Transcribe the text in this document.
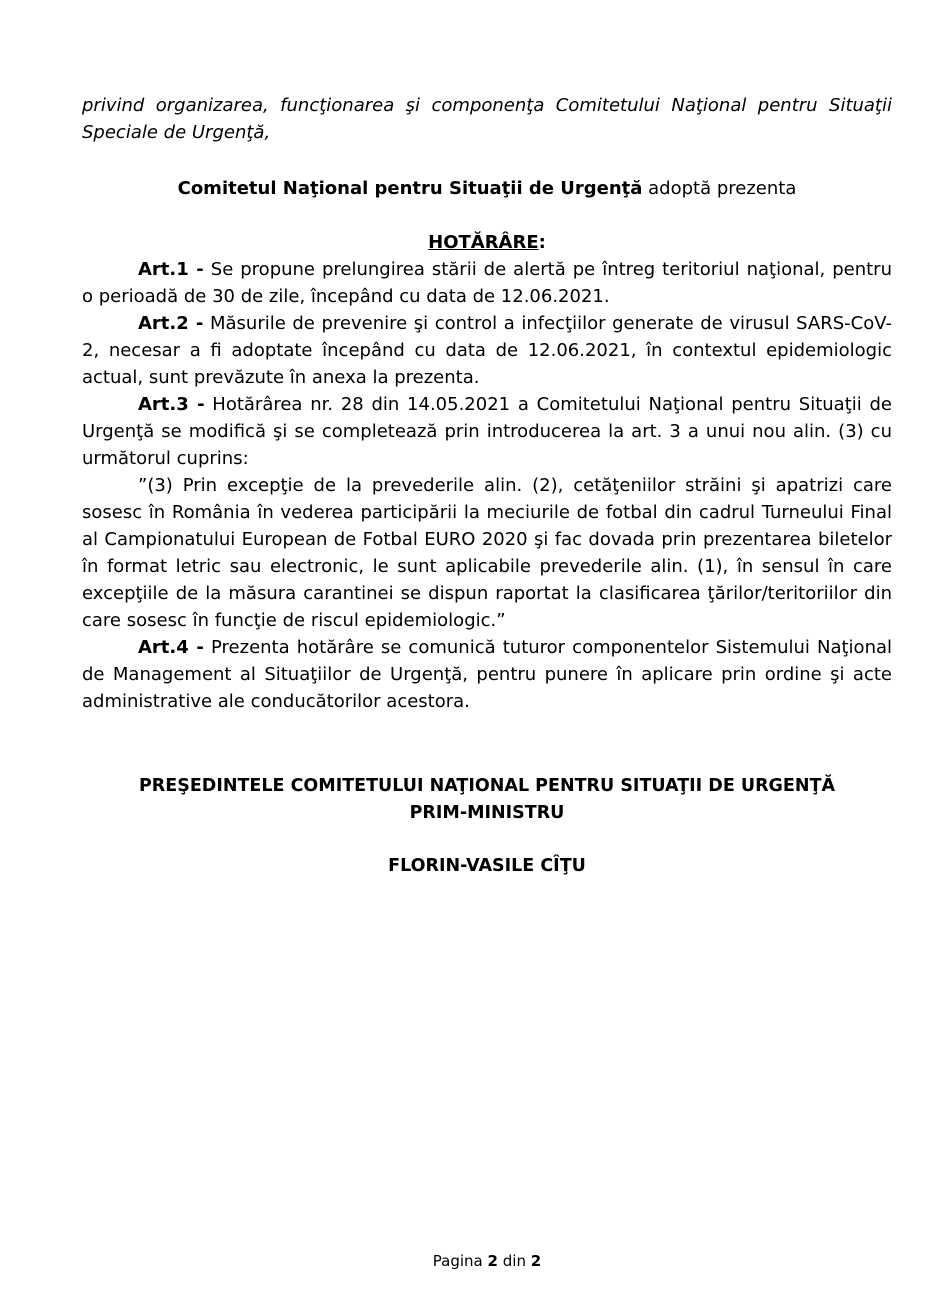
privind organizarea, funcţionarea şi componenţa Comitetului Naţional pentru Situaţii Speciale de Urgenţă,

Comitetul Naţional pentru Situaţii de Urgenţă adoptă prezenta

HOTĂRÂRE:

Art.1 - Se propune prelungirea stării de alertă pe întreg teritoriul naţional, pentru o perioadă de 30 de zile, începând cu data de 12.06.2021.

Art.2 - Măsurile de prevenire şi control a infecţiilor generate de virusul SARS-CoV-2, necesar a fi adoptate începând cu data de 12.06.2021, în contextul epidemiologic actual, sunt prevăzute în anexa la prezenta.

Art.3 - Hotărârea nr. 28 din 14.05.2021 a Comitetului Naţional pentru Situaţii de Urgenţă se modifică şi se completează prin introducerea la art. 3 a unui nou alin. (3) cu următorul cuprins:

”(3) Prin excepţie de la prevederile alin. (2), cetăţeniilor străini şi apatrizi care sosesc în România în vederea participării la meciurile de fotbal din cadrul Turneului Final al Campionatului European de Fotbal EURO 2020 şi fac dovada prin prezentarea biletelor în format letric sau electronic, le sunt aplicabile prevederile alin. (1), în sensul în care excepţiile de la măsura carantinei se dispun raportat la clasificarea ţărilor/teritoriilor din care sosesc în funcţie de riscul epidemiologic.”

Art.4 - Prezenta hotărâre se comunică tuturor componentelor Sistemului Naţional de Management al Situaţiilor de Urgenţă, pentru punere în aplicare prin ordine şi acte administrative ale conducătorilor acestora.

PREŞEDINTELE COMITETULUI NAŢIONAL PENTRU SITUAŢII DE URGENŢĂ

PRIM-MINISTRU

FLORIN-VASILE CÎŢU

Pagina 2 din 2
